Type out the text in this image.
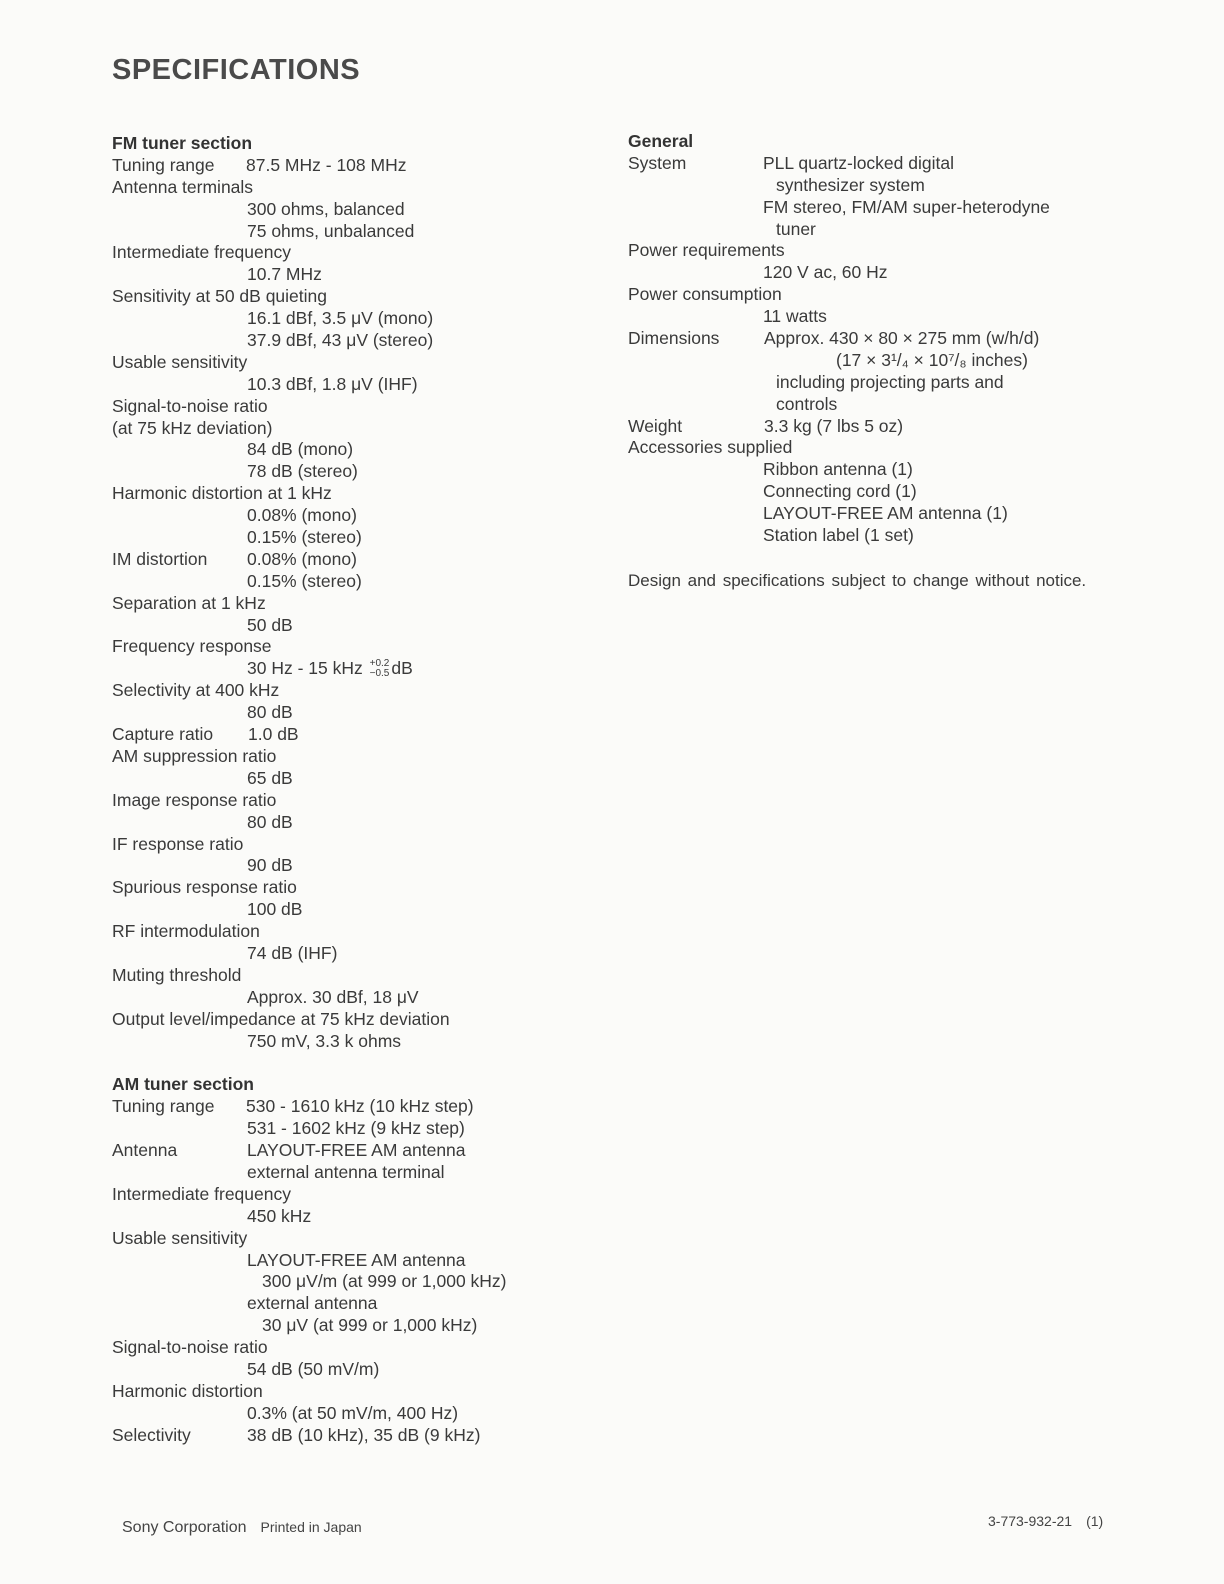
SPECIFICATIONS
FM tuner section
Tuning range 87.5 MHz - 108 MHz
Antenna terminals
300 ohms, balanced
75 ohms, unbalanced
Intermediate frequency
10.7 MHz
Sensitivity at 50 dB quieting
16.1 dBf, 3.5 μV (mono)
37.9 dBf, 43 μV (stereo)
Usable sensitivity
10.3 dBf, 1.8 μV (IHF)
Signal-to-noise ratio
(at 75 kHz deviation)
84 dB (mono)
78 dB (stereo)
Harmonic distortion at 1 kHz
0.08% (mono)
0.15% (stereo)
IM distortion 0.08% (mono)
0.15% (stereo)
Separation at 1 kHz
50 dB
Frequency response
30 Hz - 15 kHz +0.2
−0.5 dB
Selectivity at 400 kHz
80 dB
Capture ratio 1.0 dB
AM suppression ratio
65 dB
Image response ratio
80 dB
IF response ratio
90 dB
Spurious response ratio
100 dB
RF intermodulation
74 dB (IHF)
Muting threshold
Approx. 30 dBf, 18 μV
Output level/impedance at 75 kHz deviation
750 mV, 3.3 k ohms
AM tuner section
Tuning range 530 - 1610 kHz (10 kHz step)
531 - 1602 kHz (9 kHz step)
Antenna	LAYOUT-FREE AM antenna
external antenna terminal
Intermediate frequency
450 kHz
Usable sensitivity
LAYOUT-FREE AM antenna
300 μV/m (at 999 or 1,000 kHz)
external antenna
30 μV (at 999 or 1,000 kHz)
Signal-to-noise ratio
54 dB (50 mV/m)
Harmonic distortion
0.3% (at 50 mV/m, 400 Hz)
Selectivity	38 dB (10 kHz), 35 dB (9 kHz)
General
System	PLL quartz-locked digital
synthesizer system
FM stereo, FM/AM super-heterodyne
tuner
Power requirements
120 V ac, 60 Hz
Power consumption
11 watts
Dimensions	Approx. 430 × 80 × 275 mm (w/h/d)
(17 × 3¹/₄ × 10⁷/₈ inches)
including projecting parts and
controls
Weight	3.3 kg (7 lbs 5 oz)
Accessories supplied
Ribbon antenna (1)
Connecting cord (1)
LAYOUT-FREE AM antenna (1)
Station label (1 set)
Design and specifications subject to change without notice.
Sony Corporation Printed in Japan	3-773-932-21 (1)
